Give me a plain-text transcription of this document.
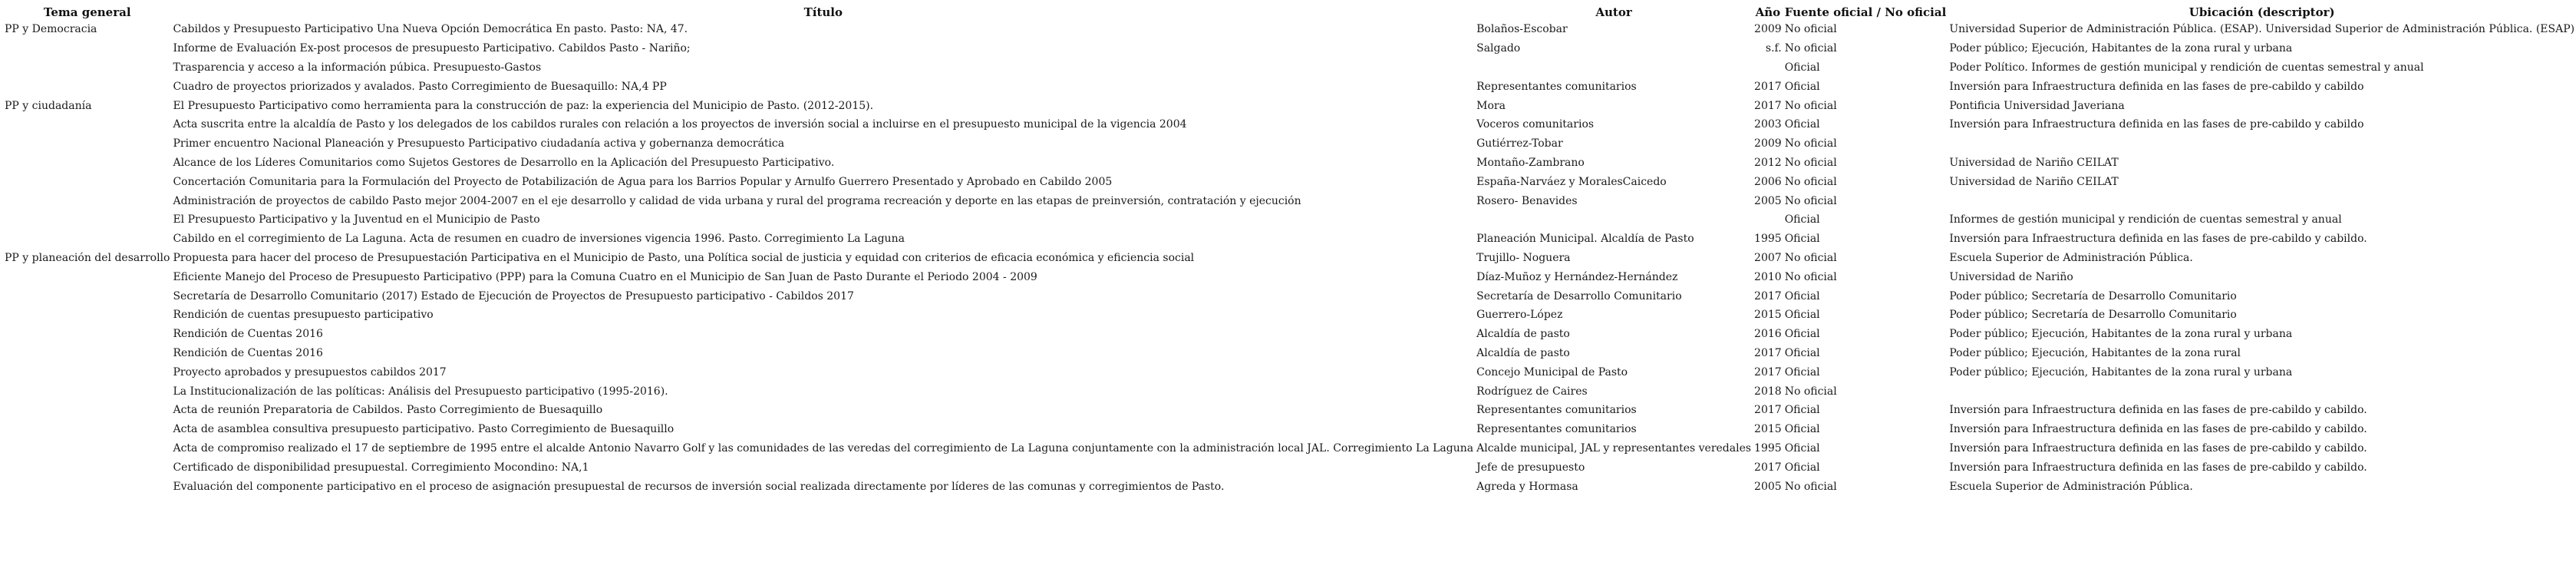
Tema general	Título	Autor	Año	Fuente oficial / No oficial	Ubicación (descriptor)
PP y Democracia	Cabildos y Presupuesto Participativo Una Nueva Opción Democrática En pasto. Pasto: NA, 47.	Bolaños-Escobar	2009	No oficial	Universidad Superior de Administración Pública. (ESAP). Universidad Superior de Administración Pública. (ESAP)
	Informe de Evaluación Ex-post procesos de presupuesto Participativo. Cabildos Pasto - Nariño;	Salgado	s.f.	No oficial	Poder público; Ejecución, Habitantes de la zona rural y urbana
	Trasparencia y acceso a la información púbica. Presupuesto-Gastos			Oficial	Poder Político. Informes de gestión municipal y rendición de cuentas semestral y anual
	Cuadro de proyectos priorizados y avalados. Pasto Corregimiento de Buesaquillo: NA,4 PP	Representantes comunitarios	2017	Oficial	Inversión para Infraestructura definida en las fases de pre-cabildo y cabildo
PP y ciudadanía	El Presupuesto Participativo como herramienta para la construcción de paz: la experiencia del Municipio de Pasto. (2012-2015).	Mora	2017	No oficial	Pontificia Universidad Javeriana
	Acta suscrita entre la alcaldía de Pasto y los delegados de los cabildos rurales con relación a los proyectos de inversión social a incluirse en el presupuesto municipal de la vigencia 2004	Voceros comunitarios	2003	Oficial	Inversión para Infraestructura definida en las fases de pre-cabildo y cabildo
	Primer encuentro Nacional Planeación y Presupuesto Participativo ciudadanía activa y gobernanza democrática	Gutiérrez-Tobar	2009	No oficial	
	Alcance de los Líderes Comunitarios como Sujetos Gestores de Desarrollo en la Aplicación del Presupuesto Participativo.	Montaño-Zambrano	2012	No oficial	Universidad de Nariño CEILAT
	Concertación Comunitaria para la Formulación del Proyecto de Potabilización de Agua para los Barrios Popular y Arnulfo Guerrero Presentado y Aprobado en Cabildo 2005	España-Narváez y MoralesCaicedo	2006	No oficial	Universidad de Nariño CEILAT
	Administración de proyectos de cabildo Pasto mejor 2004-2007 en el eje desarrollo y calidad de vida urbana y rural del programa recreación y deporte en las etapas de preinversión, contratación y ejecución	Rosero- Benavides	2005	No oficial	
	El Presupuesto Participativo y la Juventud en el Municipio de Pasto			Oficial	Informes de gestión municipal y rendición de cuentas semestral y anual
	Cabildo en el corregimiento de La Laguna. Acta de resumen en cuadro de inversiones vigencia 1996. Pasto. Corregimiento La Laguna	Planeación Municipal. Alcaldía de Pasto	1995	Oficial	Inversión para Infraestructura definida en las fases de pre-cabildo y cabildo.
PP y planeación del desarrollo	Propuesta para hacer del proceso de Presupuestación Participativa en el Municipio de Pasto, una Política social de justicia y equidad con criterios de eficacia económica y eficiencia social	Trujillo- Noguera	2007	No oficial	Escuela Superior de Administración Pública.
	Eficiente Manejo del Proceso de Presupuesto Participativo (PPP) para la Comuna Cuatro en el Municipio de San Juan de Pasto Durante el Periodo 2004 - 2009	Díaz-Muñoz y Hernández-Hernández	2010	No oficial	Universidad de Nariño
	Secretaría de Desarrollo Comunitario (2017) Estado de Ejecución de Proyectos de Presupuesto participativo - Cabildos 2017	Secretaría de Desarrollo Comunitario	2017	Oficial	Poder público; Secretaría de Desarrollo Comunitario
	Rendición de cuentas presupuesto participativo	Guerrero-López	2015	Oficial	Poder público; Secretaría de Desarrollo Comunitario
	Rendición de Cuentas 2016	Alcaldía de pasto	2016	Oficial	Poder público; Ejecución, Habitantes de la zona rural y urbana
	Rendición de Cuentas 2016	Alcaldía de pasto	2017	Oficial	Poder público; Ejecución, Habitantes de la zona rural
	Proyecto aprobados y presupuestos cabildos 2017	Concejo Municipal de Pasto	2017	Oficial	Poder público; Ejecución, Habitantes de la zona rural y urbana
	La Institucionalización de las políticas: Análisis del Presupuesto participativo (1995-2016).	Rodríguez de Caires	2018	No oficial	
	Acta de reunión Preparatoria de Cabildos. Pasto Corregimiento de Buesaquillo	Representantes comunitarios	2017	Oficial	Inversión para Infraestructura definida en las fases de pre-cabildo y cabildo.
	Acta de asamblea consultiva presupuesto participativo. Pasto Corregimiento de Buesaquillo	Representantes comunitarios	2015	Oficial	Inversión para Infraestructura definida en las fases de pre-cabildo y cabildo.
	Acta de compromiso realizado el 17 de septiembre de 1995 entre el alcalde Antonio Navarro Golf y las comunidades de las veredas del corregimiento de La Laguna conjuntamente con la administración local JAL. Corregimiento La Laguna	Alcalde municipal, JAL y representantes veredales	1995	Oficial	Inversión para Infraestructura definida en las fases de pre-cabildo y cabildo.
	Certificado de disponibilidad presupuestal. Corregimiento Mocondino: NA,1	Jefe de presupuesto	2017	Oficial	Inversión para Infraestructura definida en las fases de pre-cabildo y cabildo.
	Evaluación del componente participativo en el proceso de asignación presupuestal de recursos de inversión social realizada directamente por líderes de las comunas y corregimientos de Pasto.	Agreda y Hormasa	2005	No oficial	Escuela Superior de Administración Pública.
